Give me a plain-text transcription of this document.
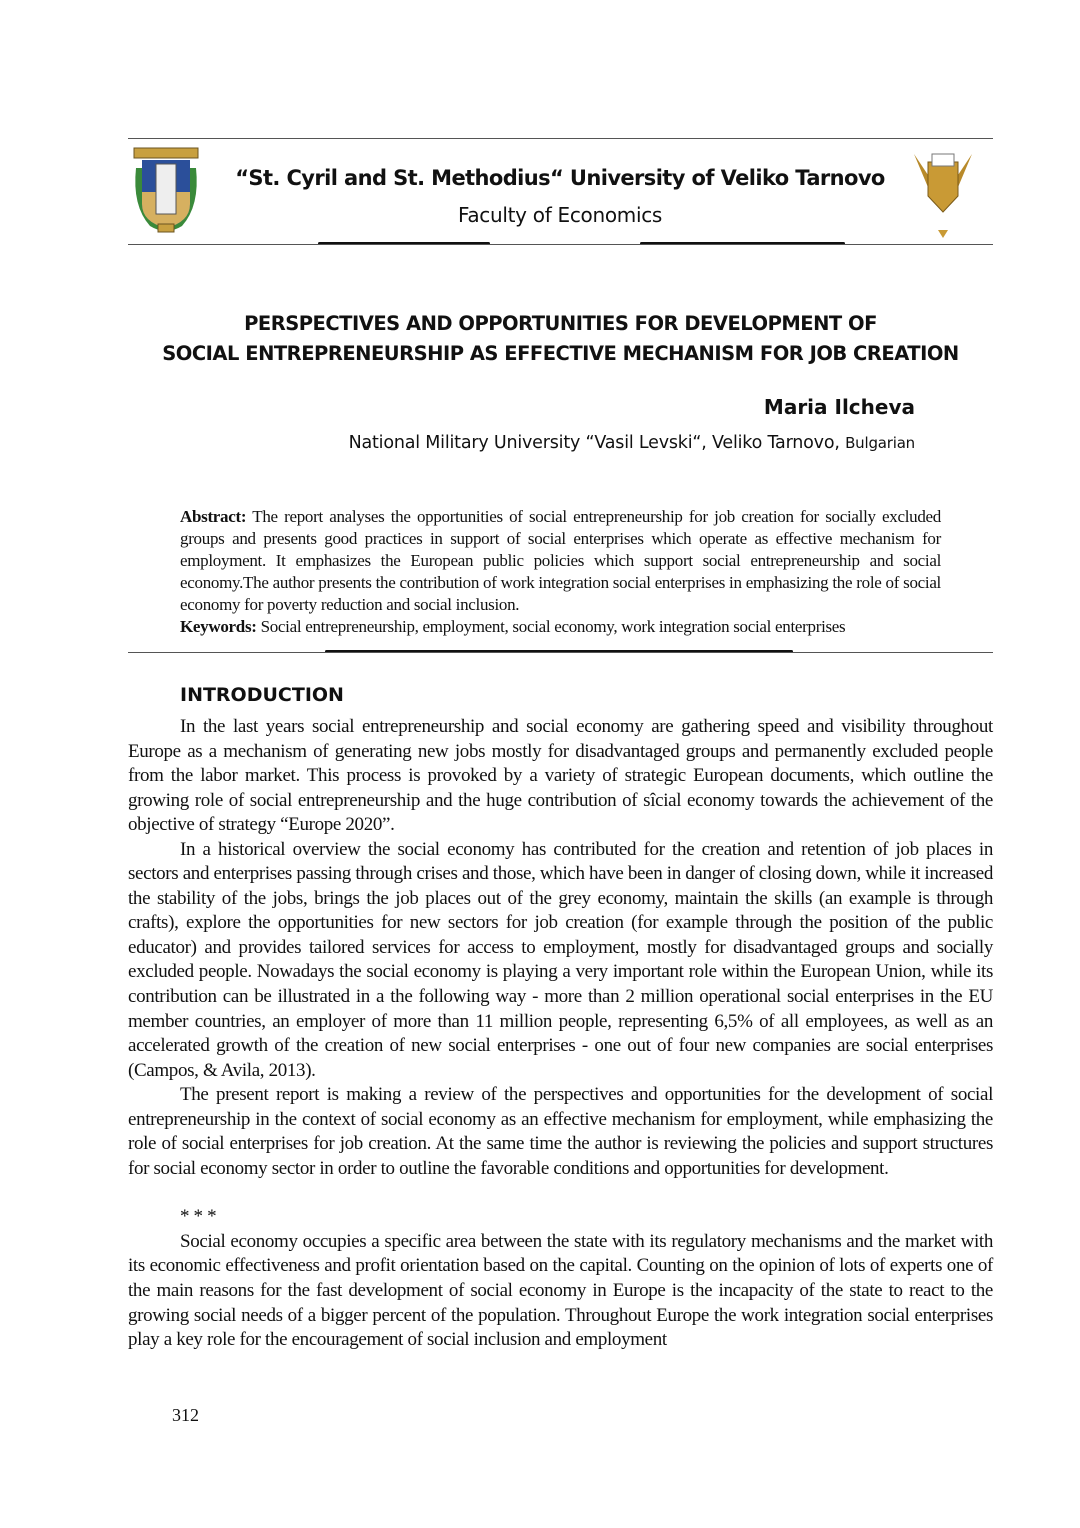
“St. Cyril and St. Methodius“ University of Veliko Tarnovo
Faculty of Economics
PERSPECTIVES AND OPPORTUNITIES FOR DEVELOPMENT OF
SOCIAL ENTREPRENEURSHIP AS EFFECTIVE MECHANISM FOR JOB CREATION
Maria Ilcheva
National Military University “Vasil Levski“, Veliko Tarnovo, Bulgarian
Abstract: The report analyses the opportunities of social entrepreneurship for job creation for socially excluded groups and presents good practices in support of social enterprises which operate as effective mechanism for employment. It emphasizes the European public policies which support social entrepreneurship and social economy.The author presents the contribution of work integration social enterprises in emphasizing the role of social economy for poverty reduction and social inclusion.
Keywords: Social entrepreneurship, employment, social economy, work integration social enterprises
INTRODUCTION

In the last years social entrepreneurship and social economy are gathering speed and visibility throughout Europe as a mechanism of generating new jobs mostly for disadvantaged groups and permanently excluded people from the labor market. This process is provoked by a variety of strategic European documents, which outline the growing role of social entrepreneurship and the huge contribution of sîcial economy towards the achievement of the objective of strategy “Europe 2020”.

In a historical overview the social economy has contributed for the creation and retention of job places in sectors and enterprises passing through crises and those, which have been in danger of closing down, while it increased the stability of the jobs, brings the job places out of the grey economy, maintain the skills (an example is through crafts), explore the opportunities for new sectors for job creation (for example through the position of the public educator) and provides tailored services for access to employment, mostly for disadvantaged groups and socially excluded people. Nowadays the social economy is playing a very important role within the European Union, while its contribution can be illustrated in a the following way - more than 2 million operational social enterprises in the EU member countries, an employer of more than 11 million people, representing 6,5% of all employees, as well as an accelerated growth of the creation of new social enterprises - one out of four new companies are social enterprises (Campos, & Avila, 2013).

The present report is making a review of the perspectives and opportunities for the development of social entrepreneurship in the context of social economy as an effective mechanism for employment, while emphasizing the role of social enterprises for job creation. At the same time the author is reviewing the policies and support structures for social economy sector in order to outline the favorable conditions and opportunities for development.

* * *

Social economy occupies a specific area between the state with its regulatory mechanisms and the market with its economic effectiveness and profit orientation based on the capital. Counting on the opinion of lots of experts one of the main reasons for the fast development of social economy in Europe is the incapacity of the state to react to the growing social needs of a bigger percent of the population. Throughout Europe the work integration social enterprises play a key role for the encouragement of social inclusion and employment

312
